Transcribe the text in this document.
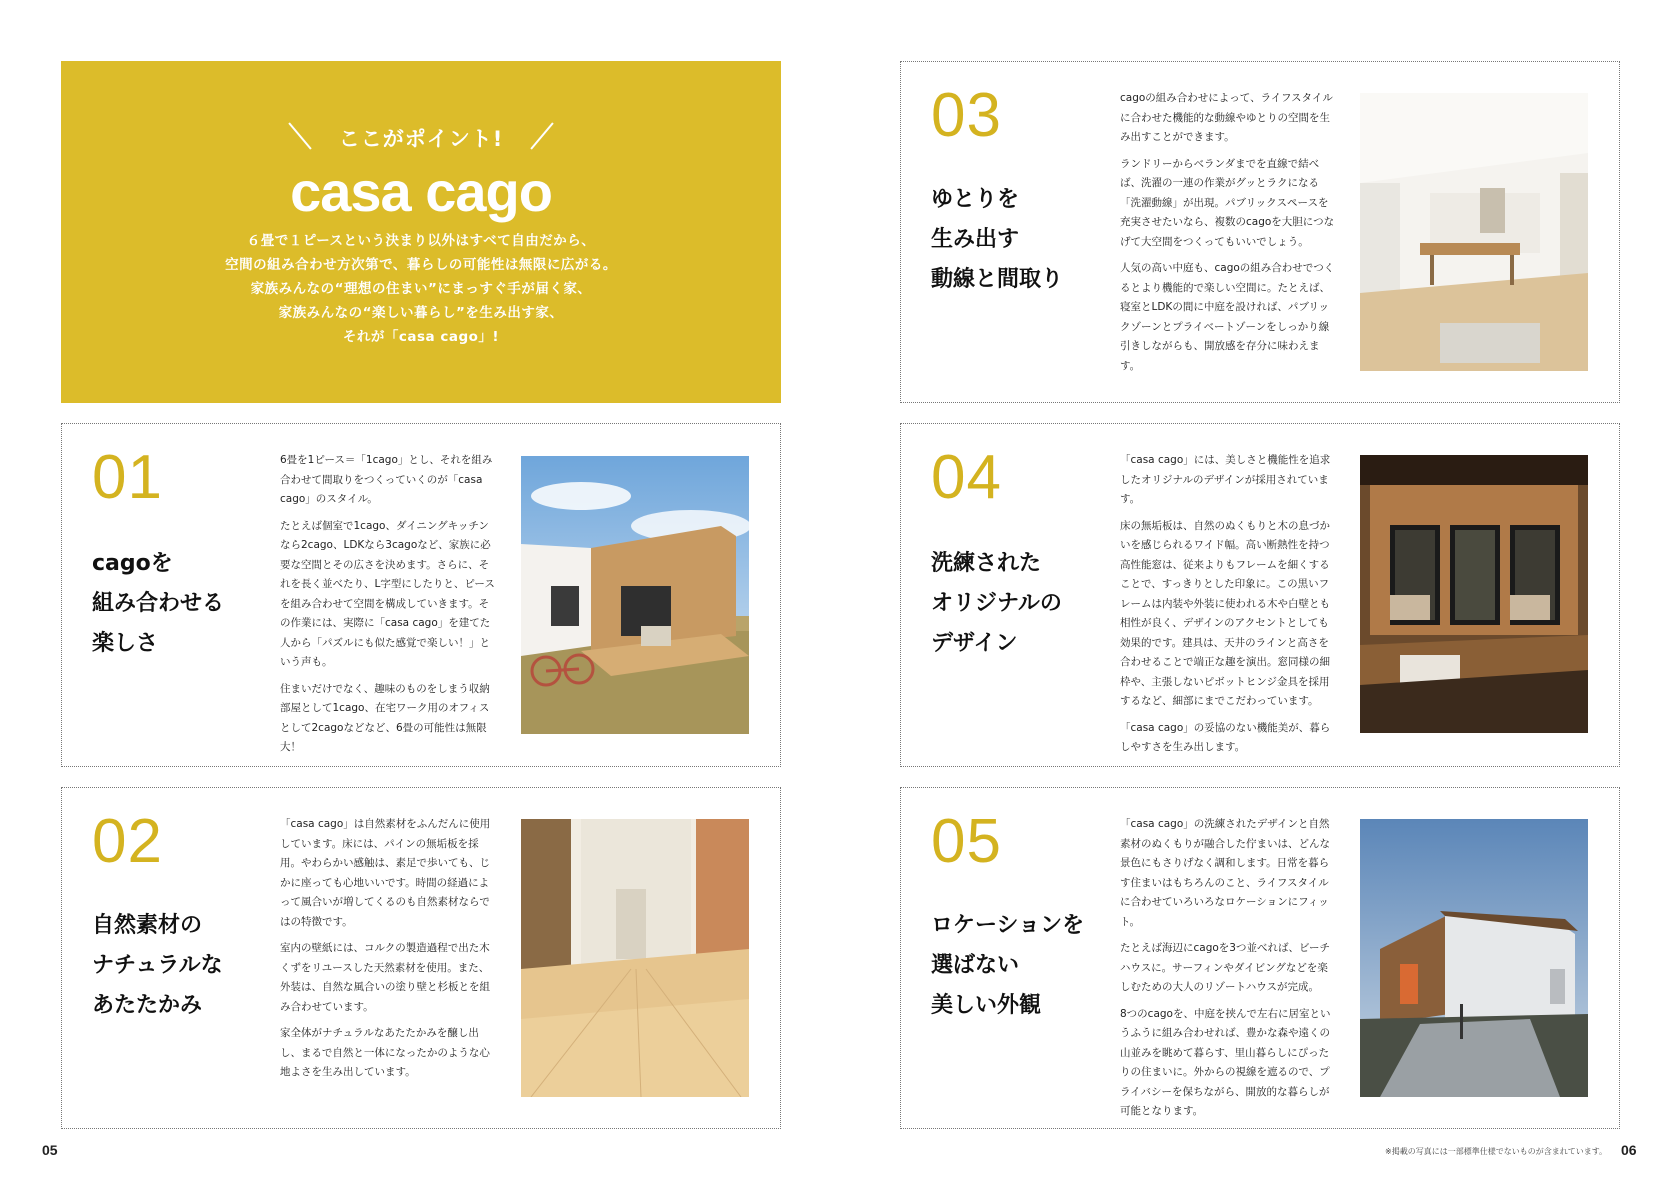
ここがポイント!
casa cago
６畳で１ピースという決まり以外はすべて自由だから、
空間の組み合わせ方次第で、暮らしの可能性は無限に広がる。
家族みんなの“理想の住まい”にまっすぐ手が届く家、
家族みんなの“楽しい暮らし”を生み出す家、
それが「casa cago」!
01
cagoを
組み合わせる
楽しさ

6畳を1ピース＝「1cago」とし、それを組み合わせて間取りをつくっていくのが「casa cago」のスタイル。

たとえば個室で1cago、ダイニングキッチンなら2cago、LDKなら3cagoなど、家族に必要な空間とその広さを決めます。さらに、それを長く並べたり、L字型にしたりと、ピースを組み合わせて空間を構成していきます。その作業には、実際に「casa cago」を建てた人から「パズルにも似た感覚で楽しい！」という声も。

住まいだけでなく、趣味のものをしまう収納部屋として1cago、在宅ワーク用のオフィスとして2cagoなどなど、6畳の可能性は無限大！

02
自然素材の
ナチュラルな
あたたかみ

「casa cago」は自然素材をふんだんに使用しています。床には、パインの無垢板を採用。やわらかい感触は、素足で歩いても、じかに座っても心地いいです。時間の経過によって風合いが増してくるのも自然素材ならではの特徴です。

室内の壁紙には、コルクの製造過程で出た木くずをリユースした天然素材を使用。また、外装は、自然な風合いの塗り壁と杉板とを組み合わせています。

家全体がナチュラルなあたたかみを醸し出し、まるで自然と一体になったかのような心地よさを生み出しています。

03
ゆとりを
生み出す
動線と間取り

cagoの組み合わせによって、ライフスタイルに合わせた機能的な動線やゆとりの空間を生み出すことができます。

ランドリーからベランダまでを直線で結べば、洗濯の一連の作業がグッとラクになる「洗濯動線」が出現。パブリックスペースを充実させたいなら、複数のcagoを大胆につなげて大空間をつくってもいいでしょう。

人気の高い中庭も、cagoの組み合わせでつくるとより機能的で楽しい空間に。たとえば、寝室とLDKの間に中庭を設ければ、パブリックゾーンとプライベートゾーンをしっかり線引きしながらも、開放感を存分に味わえます。

04
洗練された
オリジナルの
デザイン

「casa cago」には、美しさと機能性を追求したオリジナルのデザインが採用されています。

床の無垢板は、自然のぬくもりと木の息づかいを感じられるワイド幅。高い断熱性を持つ高性能窓は、従来よりもフレームを細くすることで、すっきりとした印象に。この黒いフレームは内装や外装に使われる木や白壁とも相性が良く、デザインのアクセントとしても効果的です。建具は、天井のラインと高さを合わせることで端正な趣を演出。窓同様の細枠や、主張しないピボットヒンジ金具を採用するなど、細部にまでこだわっています。

「casa cago」の妥協のない機能美が、暮らしやすさを生み出します。

05
ロケーションを
選ばない
美しい外観

「casa cago」の洗練されたデザインと自然素材のぬくもりが融合した佇まいは、どんな景色にもさりげなく調和します。日常を暮らす住まいはもちろんのこと、ライフスタイルに合わせていろいろなロケーションにフィット。

たとえば海辺にcagoを3つ並べれば、ビーチハウスに。サーフィンやダイビングなどを楽しむための大人のリゾートハウスが完成。

8つのcagoを、中庭を挟んで左右に居室というふうに組み合わせれば、豊かな森や遠くの山並みを眺めて暮らす、里山暮らしにぴったりの住まいに。外からの視線を遮るので、プライバシーを保ちながら、開放的な暮らしが可能となります。

05	※掲載の写真には一部標準仕様でないものが含まれています。 06
